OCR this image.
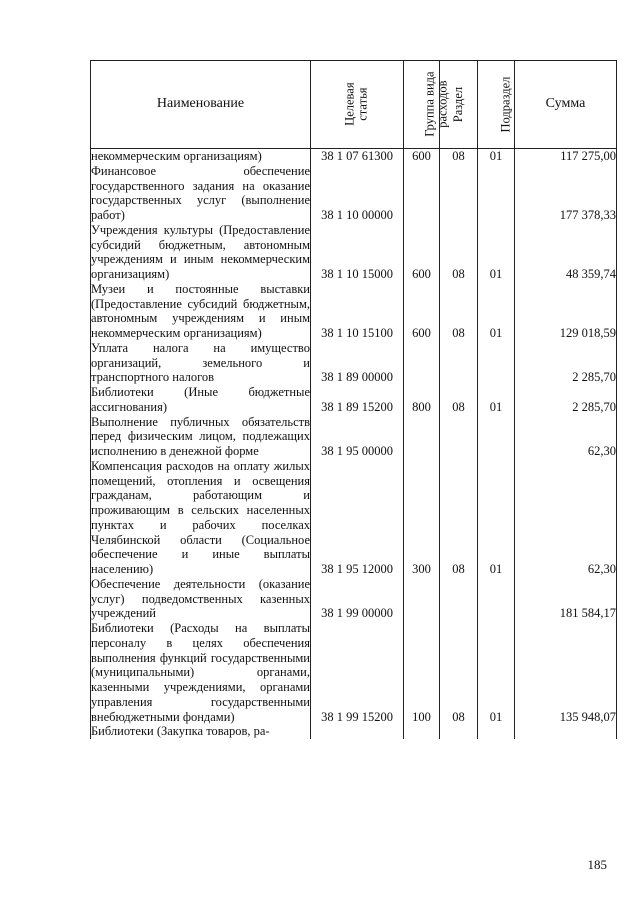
Наименование	Целевая статья	Группа вида расходов	Раздел	Подраздел	Сумма
некоммерческим организациям)	38 1 07 61300	600	08	01	117 275,00
Финансовое обеспечение государственного задания на оказание государственных услуг (выполнение работ)	38 1 10 00000				177 378,33
Учреждения культуры (Предоставление субсидий бюджетным, автономным учреждениям и иным некоммерческим организациям)	38 1 10 15000	600	08	01	48 359,74
Музеи и постоянные выставки (Предоставление субсидий бюджетным, автономным учреждениям и иным некоммерческим организациям)	38 1 10 15100	600	08	01	129 018,59
Уплата налога на имущество организаций, земельного и транспортного налогов	38 1 89 00000				2 285,70
Библиотеки (Иные бюджетные ассигнования)	38 1 89 15200	800	08	01	2 285,70
Выполнение публичных обязательств перед физическим лицом, подлежащих исполнению в денежной форме	38 1 95 00000				62,30
Компенсация расходов на оплату жилых помещений, отопления и освещения гражданам, работающим и проживающим в сельских населенных пунктах и рабочих поселках Челябинской области (Социальное обеспечение и иные выплаты населению)	38 1 95 12000	300	08	01	62,30
Обеспечение деятельности (оказание услуг) подведомственных казенных учреждений	38 1 99 00000				181 584,17
Библиотеки (Расходы на выплаты персоналу в целях обеспечения выполнения функций государственными (муниципальными) органами, казенными учреждениями, органами управления государственными внебюджетными фондами)	38 1 99 15200	100	08	01	135 948,07
Библиотеки (Закупка товаров, ра-					
185
